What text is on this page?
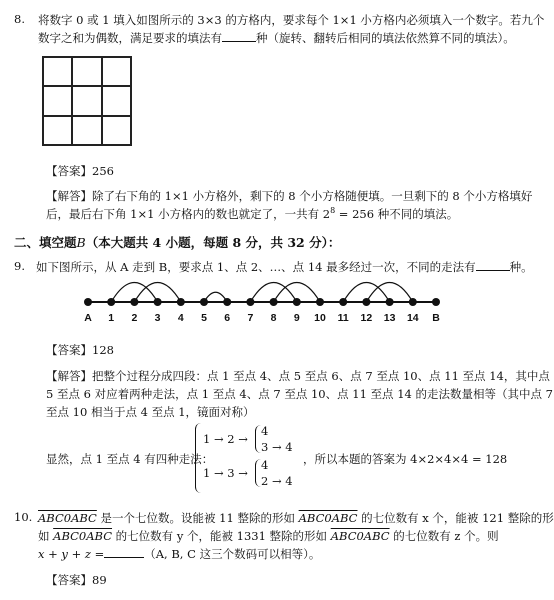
8. 将数字 0 或 1 填入如图所示的 3×3 的方格内，要求每个 1×1 小方格内必须填入一个数字。若九个
数字之和为偶数，满足要求的填法有	种（旋转、翻转后相同的填法依然算不同的填法）。
【答案】256
【解答】除了右下角的 1×1 小方格外，剩下的 8 个小方格随便填。一旦剩下的 8 个小方格填好
后，最后右下角 1×1 小方格内的数也就定了，一共有 $2^8 = 256$ 种不同的填法。
二、填空题B（本大题共 4 小题，每题 8 分，共 32 分）：
9. 如下图所示，从 A 走到 B，要求点 1、点 2、…、点 14 最多经过一次，不同的走法有	种。
A 1 2 3 4 5 6 7 8 9 10 11 12 13 14 B
【答案】128
【解答】把整个过程分成四段：点 1 至点 4、点 5 至点 6、点 7 至点 10、点 11 至点 14，其中点
5 至点 6 对应着两种走法，点 1 至点 4、点 7 至点 10、点 11 至点 14 的走法数量相等（其中点 7
至点 10 相当于点 4 至点 1，镜面对称）
显然，点 1 至点 4 有四种走法：
1 → 2 →
4
3 → 4
1 → 3 →
4
2 → 4
，所以本题的答案为 4×2×4×4 = 128
10. ABC0ABC 是一个七位数。设能被 11 整除的形如 ABC0ABC 的七位数有 x 个，能被 121 整除的形
如 ABC0ABC 的七位数有 y 个，能被 1331 整除的形如 ABC0ABC 的七位数有 z 个。则
x + y + z =	（A, B, C 这三个数码可以相等）。
【答案】89
